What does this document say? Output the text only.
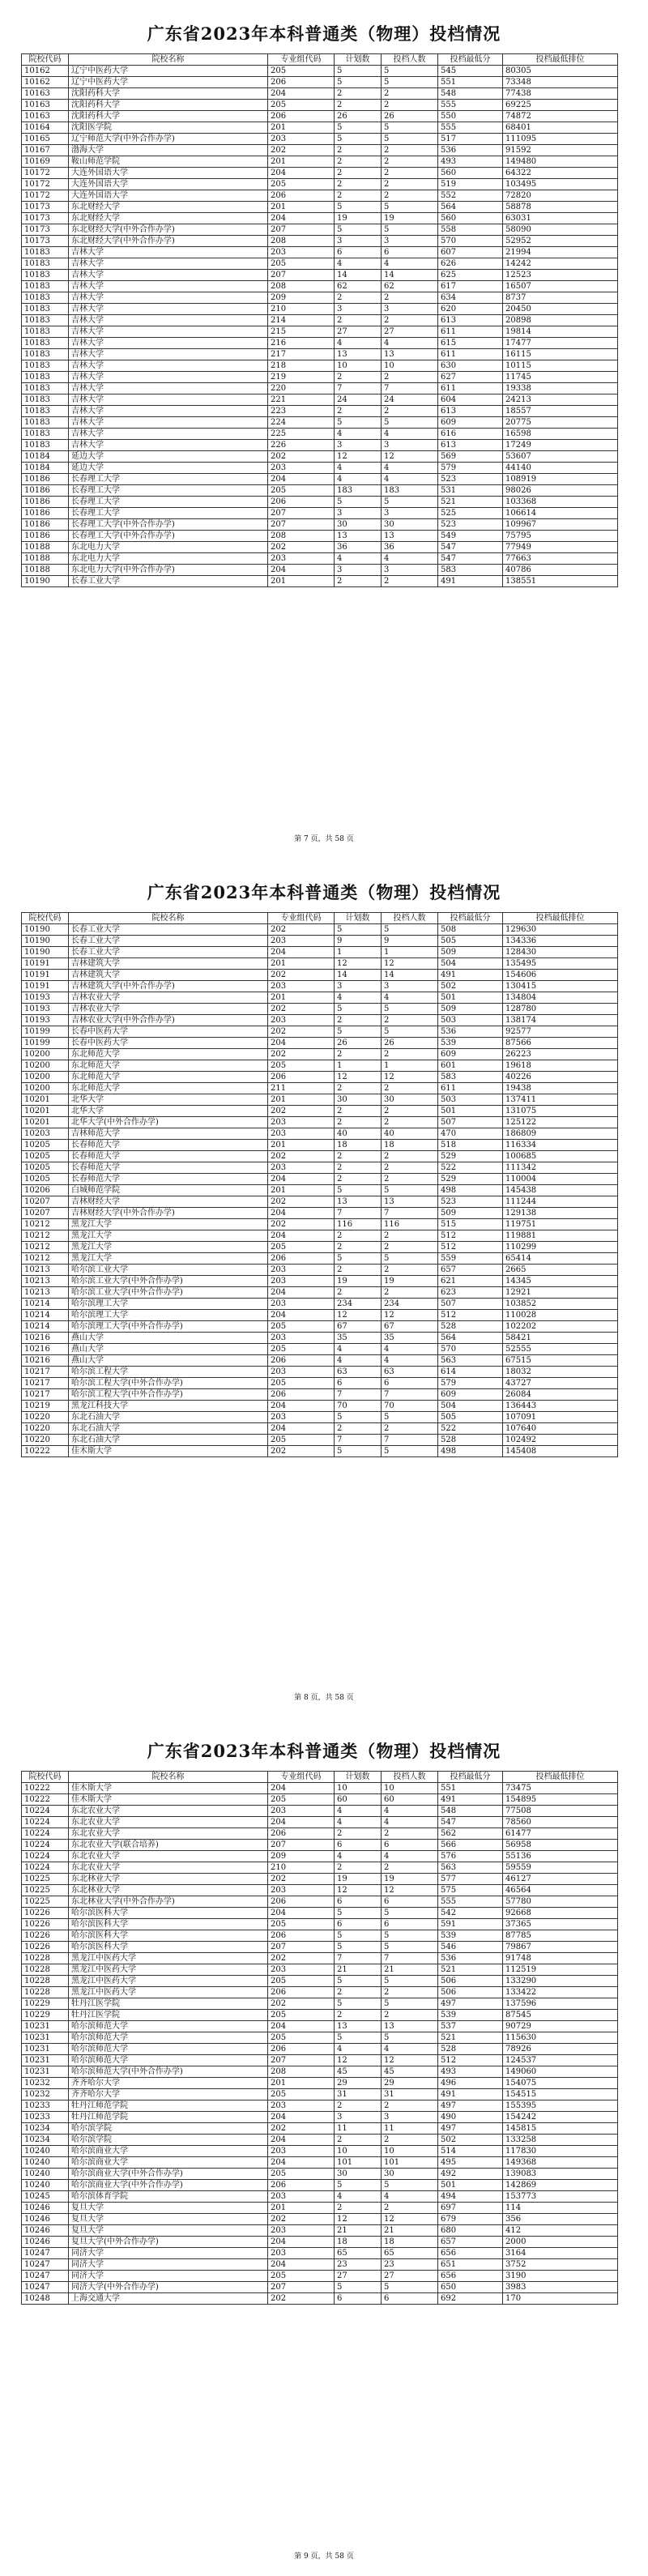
广东省2023年本科普通类（物理）投档情况
院校代码	院校名称	专业组代码	计划数	投档人数	投档最低分	投档最低排位
10162	辽宁中医药大学	205	5	5	545	80305
10162	辽宁中医药大学	206	5	5	551	73348
10163	沈阳药科大学	204	2	2	548	77438
10163	沈阳药科大学	205	2	2	555	69225
10163	沈阳药科大学	206	26	26	550	74872
10164	沈阳医学院	201	5	5	555	68401
10165	辽宁师范大学(中外合作办学)	203	5	5	517	111095
10167	渤海大学	202	2	2	536	91592
10169	鞍山师范学院	201	2	2	493	149480
10172	大连外国语大学	204	2	2	560	64322
10172	大连外国语大学	205	2	2	519	103495
10172	大连外国语大学	206	2	2	552	72820
10173	东北财经大学	201	5	5	564	58878
10173	东北财经大学	204	19	19	560	63031
10173	东北财经大学(中外合作办学)	207	5	5	558	58090
10173	东北财经大学(中外合作办学)	208	3	3	570	52952
10183	吉林大学	203	6	6	607	21994
10183	吉林大学	205	4	4	626	14242
10183	吉林大学	207	14	14	625	12523
10183	吉林大学	208	62	62	617	16507
10183	吉林大学	209	2	2	634	8737
10183	吉林大学	210	3	3	620	20450
10183	吉林大学	214	2	2	613	20898
10183	吉林大学	215	27	27	611	19814
10183	吉林大学	216	4	4	615	17477
10183	吉林大学	217	13	13	611	16115
10183	吉林大学	218	10	10	630	10115
10183	吉林大学	219	2	2	627	11745
10183	吉林大学	220	7	7	611	19338
10183	吉林大学	221	24	24	604	24213
10183	吉林大学	223	2	2	613	18557
10183	吉林大学	224	5	5	609	20775
10183	吉林大学	225	4	4	616	16598
10183	吉林大学	226	3	3	613	17249
10184	延边大学	202	12	12	569	53607
10184	延边大学	203	4	4	579	44140
10186	长春理工大学	204	4	4	523	108919
10186	长春理工大学	205	183	183	531	98026
10186	长春理工大学	206	5	5	521	103368
10186	长春理工大学	207	3	3	525	106614
10186	长春理工大学(中外合作办学)	207	30	30	523	109967
10186	长春理工大学(中外合作办学)	208	13	13	549	75795
10188	东北电力大学	202	36	36	547	77949
10188	东北电力大学	203	4	4	547	77663
10188	东北电力大学(中外合作办学)	204	3	3	583	40786
10190	长春工业大学	201	2	2	491	138551
第 7 页，共 58 页
广东省2023年本科普通类（物理）投档情况
院校代码	院校名称	专业组代码	计划数	投档人数	投档最低分	投档最低排位
10190	长春工业大学	202	5	5	508	129630
10190	长春工业大学	203	9	9	505	134336
10190	长春工业大学	204	1	1	509	128430
10191	吉林建筑大学	201	12	12	504	135495
10191	吉林建筑大学	202	14	14	491	154606
10191	吉林建筑大学(中外合作办学)	203	3	3	502	130415
10193	吉林农业大学	201	4	4	501	134804
10193	吉林农业大学	202	5	5	509	128780
10193	吉林农业大学(中外合作办学)	203	2	2	503	138174
10199	长春中医药大学	202	5	5	536	92577
10199	长春中医药大学	204	26	26	539	87566
10200	东北师范大学	202	2	2	609	26223
10200	东北师范大学	205	1	1	601	19618
10200	东北师范大学	206	12	12	583	40226
10200	东北师范大学	211	2	2	611	19438
10201	北华大学	201	30	30	503	137411
10201	北华大学	202	2	2	501	131075
10201	北华大学(中外合作办学)	203	2	2	507	125122
10203	吉林师范大学	203	40	40	470	186809
10205	长春师范大学	201	18	18	518	116334
10205	长春师范大学	202	2	2	529	100685
10205	长春师范大学	203	2	2	522	111342
10205	长春师范大学	204	2	2	529	110004
10206	白城师范学院	201	5	5	498	145438
10207	吉林财经大学	202	13	13	523	111244
10207	吉林财经大学(中外合作办学)	204	7	7	509	129138
10212	黑龙江大学	202	116	116	515	119751
10212	黑龙江大学	204	2	2	512	119881
10212	黑龙江大学	205	2	2	512	110299
10212	黑龙江大学	206	5	5	559	65414
10213	哈尔滨工业大学	203	2	2	657	2665
10213	哈尔滨工业大学(中外合作办学)	203	19	19	621	14345
10213	哈尔滨工业大学(中外合作办学)	204	2	2	623	12921
10214	哈尔滨理工大学	203	234	234	507	103852
10214	哈尔滨理工大学	204	12	12	512	110028
10214	哈尔滨理工大学(中外合作办学)	205	67	67	528	102202
10216	燕山大学	203	35	35	564	58421
10216	燕山大学	205	4	4	570	52555
10216	燕山大学	206	4	4	563	67515
10217	哈尔滨工程大学	203	63	63	614	18032
10217	哈尔滨工程大学(中外合作办学)	205	6	6	579	43727
10217	哈尔滨工程大学(中外合作办学)	206	7	7	609	26084
10219	黑龙江科技大学	204	70	70	504	136443
10220	东北石油大学	203	5	5	505	107091
10220	东北石油大学	204	2	2	522	107640
10220	东北石油大学	205	7	7	528	102492
10222	佳木斯大学	202	5	5	498	145408
第 8 页，共 58 页
广东省2023年本科普通类（物理）投档情况
院校代码	院校名称	专业组代码	计划数	投档人数	投档最低分	投档最低排位
10222	佳木斯大学	204	10	10	551	73475
10222	佳木斯大学	205	60	60	491	154895
10224	东北农业大学	203	4	4	548	77508
10224	东北农业大学	204	4	4	547	78560
10224	东北农业大学	206	2	2	562	61477
10224	东北农业大学(联合培养)	207	6	6	566	56958
10224	东北农业大学	209	4	4	576	55136
10224	东北农业大学	210	2	2	563	59559
10225	东北林业大学	202	19	19	577	46127
10225	东北林业大学	203	12	12	575	46564
10225	东北林业大学(中外合作办学)	206	6	6	555	57780
10226	哈尔滨医科大学	204	5	5	542	92668
10226	哈尔滨医科大学	205	6	6	591	37365
10226	哈尔滨医科大学	206	5	5	539	87785
10226	哈尔滨医科大学	207	5	5	546	79867
10228	黑龙江中医药大学	202	7	7	536	91748
10228	黑龙江中医药大学	203	21	21	521	112519
10228	黑龙江中医药大学	205	5	5	506	133290
10228	黑龙江中医药大学	206	2	2	506	133422
10229	牡丹江医学院	202	5	5	497	137596
10229	牡丹江医学院	205	2	2	539	87545
10231	哈尔滨师范大学	204	13	13	537	90729
10231	哈尔滨师范大学	205	5	5	521	115630
10231	哈尔滨师范大学	206	4	4	528	78926
10231	哈尔滨师范大学	207	12	12	512	124537
10231	哈尔滨师范大学(中外合作办学)	208	45	45	493	149060
10232	齐齐哈尔大学	201	29	29	496	154075
10232	齐齐哈尔大学	205	31	31	491	154515
10233	牡丹江师范学院	203	2	2	497	155395
10233	牡丹江师范学院	204	3	3	490	154242
10234	哈尔滨学院	202	11	11	497	145815
10234	哈尔滨学院	204	2	2	502	133258
10240	哈尔滨商业大学	203	10	10	514	117830
10240	哈尔滨商业大学	204	101	101	495	149368
10240	哈尔滨商业大学(中外合作办学)	205	30	30	492	139083
10240	哈尔滨商业大学(中外合作办学)	206	5	5	501	142869
10245	哈尔滨体育学院	203	4	4	494	153773
10246	复旦大学	201	2	2	697	114
10246	复旦大学	202	12	12	679	356
10246	复旦大学	203	21	21	680	412
10246	复旦大学(中外合作办学)	204	18	18	657	2000
10247	同济大学	203	65	65	656	3164
10247	同济大学	204	23	23	651	3752
10247	同济大学	205	27	27	656	3190
10247	同济大学(中外合作办学)	207	5	5	650	3983
10248	上海交通大学	202	6	6	692	170
第 9 页，共 58 页
